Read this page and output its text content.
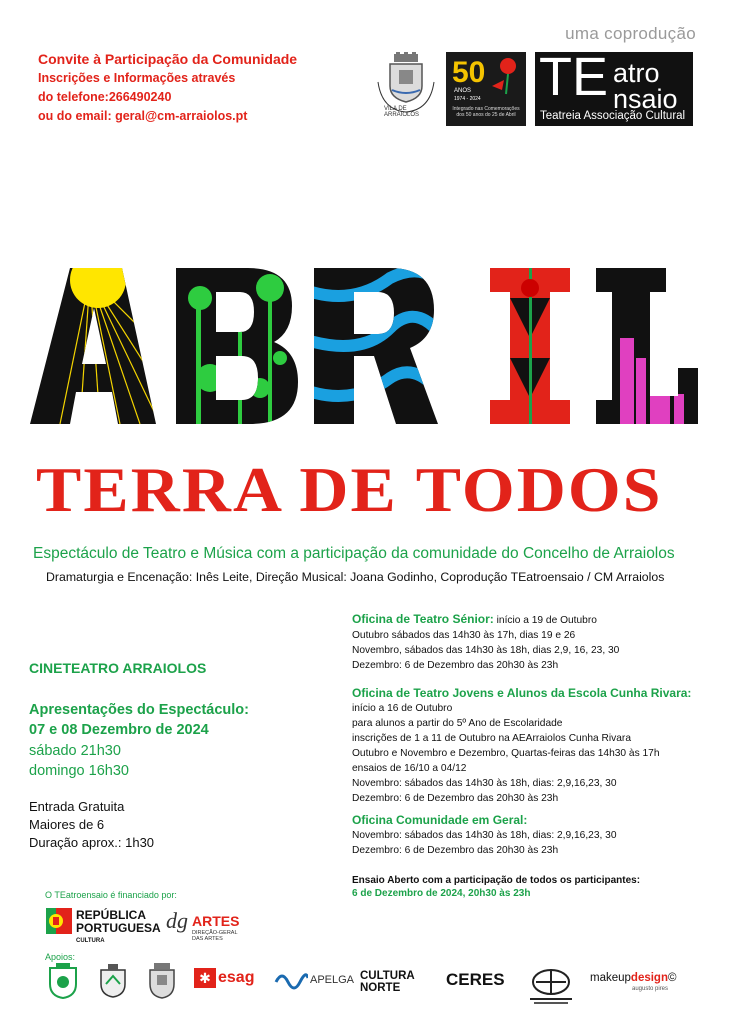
uma coprodução
Convite à Participação da Comunidade
Inscrições e Informações através
do telefone:266490240
ou do email: geral@cm-arraiolos.pt	VILA DE ARRAIOLOS
50
ANOS
1974 - 2024
Integrado nas Comemorações dos 50 anos do 25 de Abril
TE atro
nsaio
Teatreia Associação Cultural
ABRIL
TERRA DE TODOS
Espectáculo de Teatro e Música com a participação da comunidade do Concelho de Arraiolos
Dramaturgia e Encenação: Inês Leite, Direção Musical: Joana Godinho, Coprodução TEatroensaio / CM Arraiolos
CINETEATRO ARRAIOLOS
Apresentações do Espectáculo:
07 e 08 Dezembro de 2024
sábado 21h30
domingo 16h30
Entrada Gratuita
Maiores de 6
Duração aprox.: 1h30
Oficina de Teatro Sénior: início a 19 de Outubro
Outubro sábados das 14h30 às 17h, dias 19 e 26
Novembro, sábados das 14h30 às 18h, dias 2,9, 16, 23, 30
Dezembro: 6 de Dezembro das 20h30 às 23h
Oficina de Teatro Jovens e Alunos da Escola Cunha Rivara:
início a 16 de Outubro
para alunos a partir do 5º Ano de Escolaridade
inscrições de 1 a 11 de Outubro na AEArraiolos Cunha Rivara
Outubro e Novembro e Dezembro, Quartas-feiras das 14h30 às 17h
ensaios de 16/10 a 04/12
Novembro: sábados das 14h30 às 18h, dias: 2,9,16,23, 30
Dezembro: 6 de Dezembro das 20h30 às 23h
Oficina Comunidade em Geral:
Novembro: sábados das 14h30 às 18h, dias: 2,9,16,23, 30
Dezembro: 6 de Dezembro das 20h30 às 23h
Ensaio Aberto com a participação de todos os participantes:
6 de Dezembro de 2024, 20h30 às 23h
O TEatroensaio é financiado por:
REPÚBLICA
PORTUGUESA
CULTURA
dg ARTES
DIREÇÃO-GERAL DAS ARTES
Apoios:
✱ esag	APELGA CULTURA
NORTE	CERES	makeupdesign©
augusto pires
